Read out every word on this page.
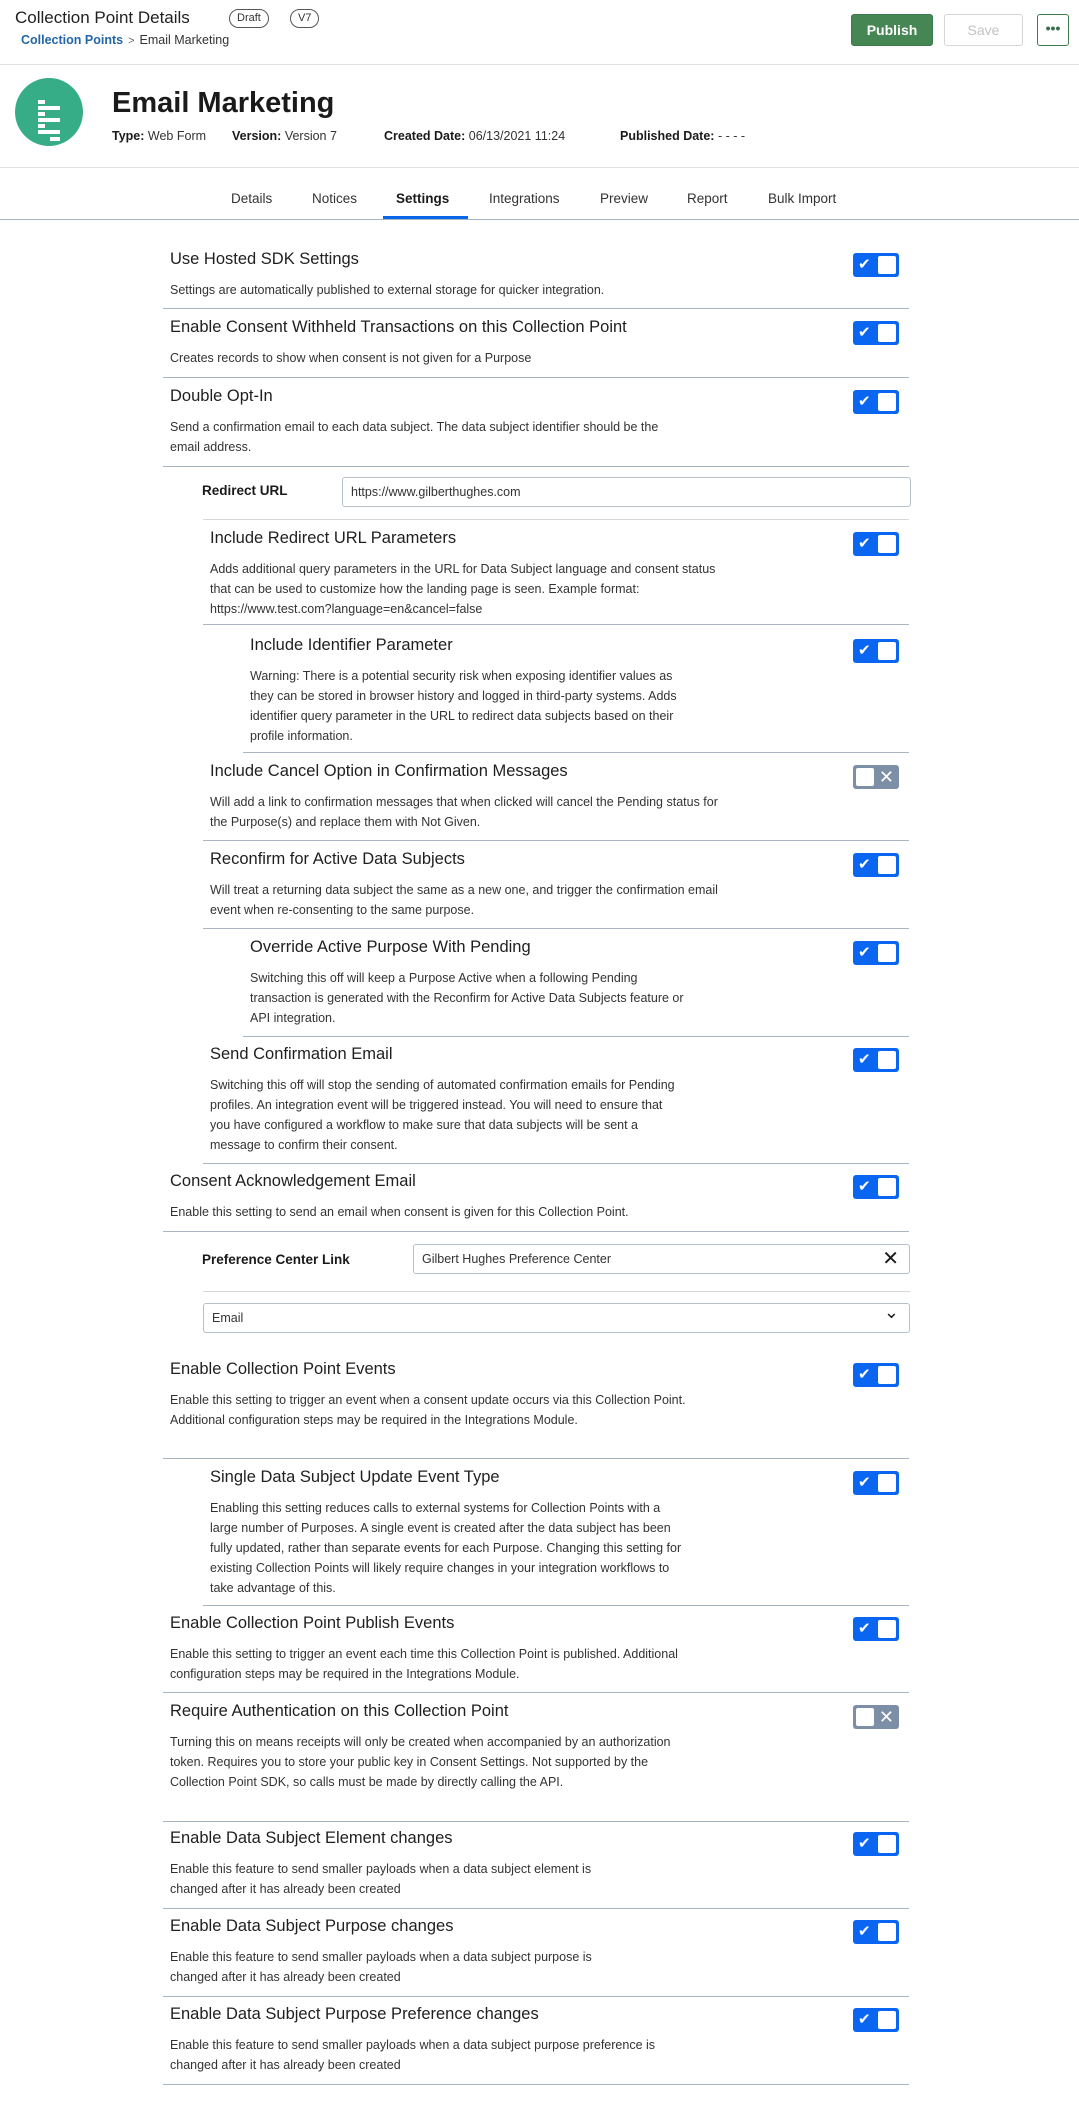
Collection Point Details	Draft	V7
Collection Points > Email Marketing
Publish	Save	•••
Email Marketing
Type: Web Form Version: Version 7	Created Date: 06/13/2021 11:24	Published Date: - - - -
Details	Notices	Settings	Integrations	Preview	Report	Bulk Import
Use Hosted SDK Settings
Settings are automatically published to external storage for quicker integration.
✔
Enable Consent Withheld Transactions on this Collection Point
Creates records to show when consent is not given for a Purpose
✔
Double Opt-In
Send a confirmation email to each data subject. The data subject identifier should be the email address.
✔
Redirect URL	https://www.gilberthughes.com
Include Redirect URL Parameters
Adds additional query parameters in the URL for Data Subject language and consent status that can be used to customize how the landing page is seen. Example format: https://www.test.com?language=en&cancel=false
✔
Include Identifier Parameter
Warning: There is a potential security risk when exposing identifier values as they can be stored in browser history and logged in third-party systems. Adds identifier query parameter in the URL to redirect data subjects based on their profile information.
✔
Include Cancel Option in Confirmation Messages
Will add a link to confirmation messages that when clicked will cancel the Pending status for the Purpose(s) and replace them with Not Given.
✕
Reconfirm for Active Data Subjects
Will treat a returning data subject the same as a new one, and trigger the confirmation email event when re-consenting to the same purpose.
✔
Override Active Purpose With Pending
Switching this off will keep a Purpose Active when a following Pending transaction is generated with the Reconfirm for Active Data Subjects feature or API integration.
✔
Send Confirmation Email
Switching this off will stop the sending of automated confirmation emails for Pending profiles. An integration event will be triggered instead. You will need to ensure that you have configured a workflow to make sure that data subjects will be sent a message to confirm their consent.
✔
Consent Acknowledgement Email
Enable this setting to send an email when consent is given for this Collection Point.
✔
Preference Center Link	Gilbert Hughes Preference Center	✕
Email	⌄
Enable Collection Point Events
Enable this setting to trigger an event when a consent update occurs via this Collection Point. Additional configuration steps may be required in the Integrations Module.
✔
Single Data Subject Update Event Type
Enabling this setting reduces calls to external systems for Collection Points with a large number of Purposes. A single event is created after the data subject has been fully updated, rather than separate events for each Purpose. Changing this setting for existing Collection Points will likely require changes in your integration workflows to take advantage of this.
✔
Enable Collection Point Publish Events
Enable this setting to trigger an event each time this Collection Point is published. Additional configuration steps may be required in the Integrations Module.
✔
Require Authentication on this Collection Point
Turning this on means receipts will only be created when accompanied by an authorization token. Requires you to store your public key in Consent Settings. Not supported by the Collection Point SDK, so calls must be made by directly calling the API.
✕
Enable Data Subject Element changes
Enable this feature to send smaller payloads when a data subject element is changed after it has already been created
✔
Enable Data Subject Purpose changes
Enable this feature to send smaller payloads when a data subject purpose is changed after it has already been created
✔
Enable Data Subject Purpose Preference changes
Enable this feature to send smaller payloads when a data subject purpose preference is changed after it has already been created
✔
